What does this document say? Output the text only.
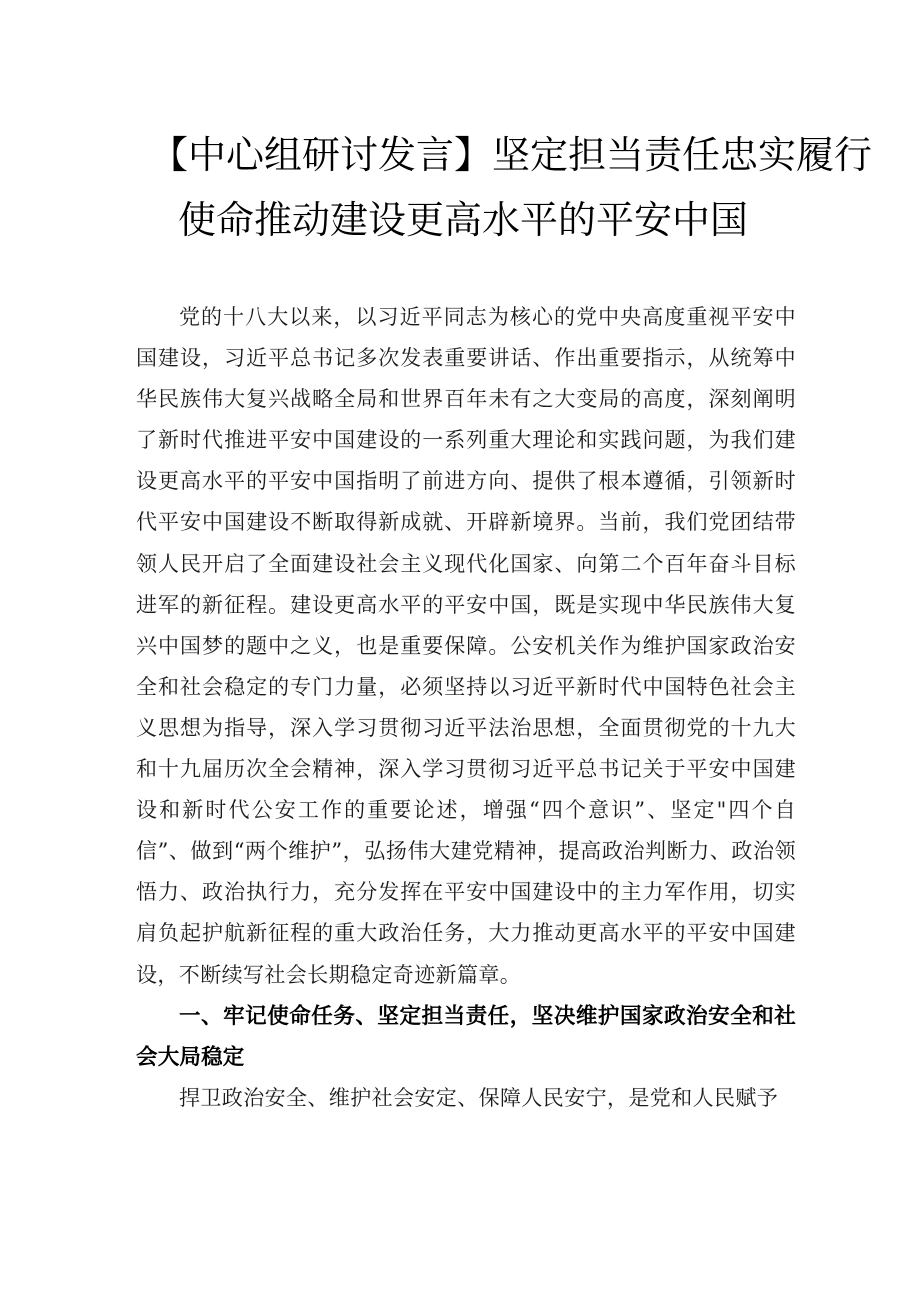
【中心组研讨发言】坚定担当责任忠实履行
使命推动建设更高水平的平安中国

党的十八大以来，以习近平同志为核心的党中央高度重视平安中国建设，习近平总书记多次发表重要讲话、作出重要指示，从统筹中华民族伟大复兴战略全局和世界百年未有之大变局的高度，深刻阐明了新时代推进平安中国建设的一系列重大理论和实践问题，为我们建设更高水平的平安中国指明了前进方向、提供了根本遵循，引领新时代平安中国建设不断取得新成就、开辟新境界。当前，我们党团结带领人民开启了全面建设社会主义现代化国家、向第二个百年奋斗目标进军的新征程。建设更高水平的平安中国，既是实现中华民族伟大复兴中国梦的题中之义，也是重要保障。公安机关作为维护国家政治安全和社会稳定的专门力量，必须坚持以习近平新时代中国特色社会主义思想为指导，深入学习贯彻习近平法治思想，全面贯彻党的十九大和十九届历次全会精神，深入学习贯彻习近平总书记关于平安中国建设和新时代公安工作的重要论述，增强“四个意识”、坚定"四个自信”、做到“两个维护”，弘扬伟大建党精神，提高政治判断力、政治领悟力、政治执行力，充分发挥在平安中国建设中的主力军作用，切实肩负起护航新征程的重大政治任务，大力推动更高水平的平安中国建设，不断续写社会长期稳定奇迹新篇章。

一、牢记使命任务、坚定担当责任，坚决维护国家政治安全和社会大局稳定

捍卫政治安全、维护社会安定、保障人民安宁，是党和人民赋予
